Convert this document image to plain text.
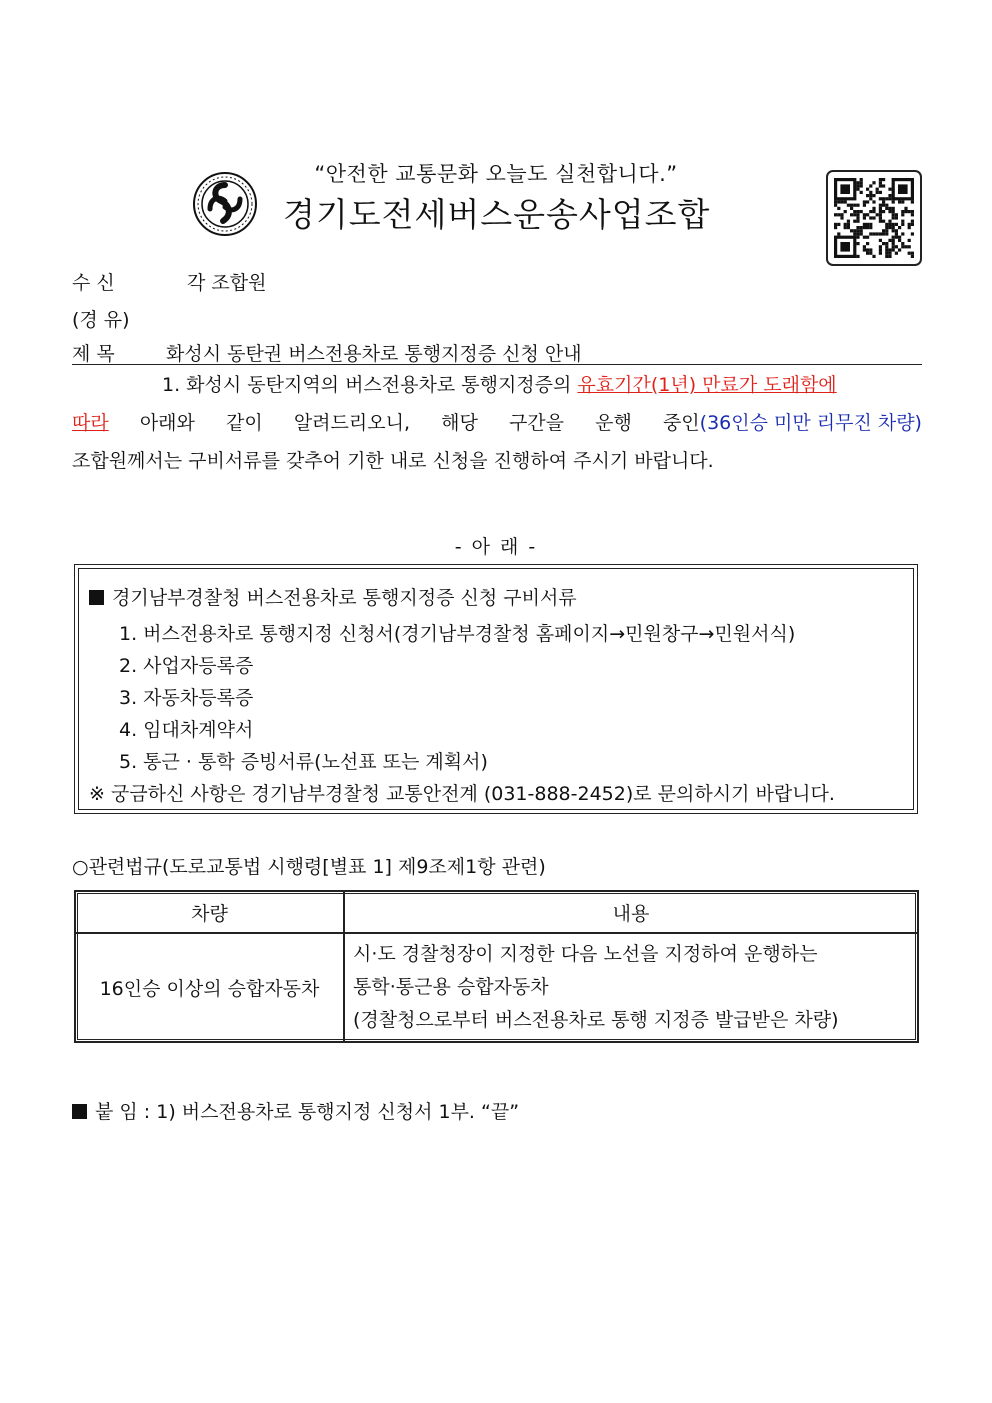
“안전한 교통문화 오늘도 실천합니다.”
경기도전세버스운송사업조합
수 신	각 조합원
(경 유)
제 목	화성시 동탄권 버스전용차로 통행지정증 신청 안내
1. 화성시 동탄지역의 버스전용차로 통행지정증의 유효기간(1년) 만료가 도래함에
따라 아래와 같이 알려드리오니, 해당 구간을 운행 중인(36인승 미만 리무진 차량)
조합원께서는 구비서류를 갖추어 기한 내로 신청을 진행하여 주시기 바랍니다.
- 아 래 -
경기남부경찰청 버스전용차로 통행지정증 신청 구비서류
1. 버스전용차로 통행지정 신청서(경기남부경찰청 홈페이지→민원창구→민원서식)
2. 사업자등록증
3. 자동차등록증
4. 임대차계약서
5. 통근 · 통학 증빙서류(노선표 또는 계획서)
※ 궁금하신 사항은 경기남부경찰청 교통안전계 (031-888-2452)로 문의하시기 바랍니다.
○관련법규(도로교통법 시행령[별표 1] 제9조제1항 관련)
차량	내용
16인승 이상의 승합자동차	시·도 경찰청장이 지정한 다음 노선을 지정하여 운행하는
통학·통근용 승합자동차
(경찰청으로부터 버스전용차로 통행 지정증 발급받은 차량)
붙 임 : 1) 버스전용차로 통행지정 신청서 1부. “끝”
